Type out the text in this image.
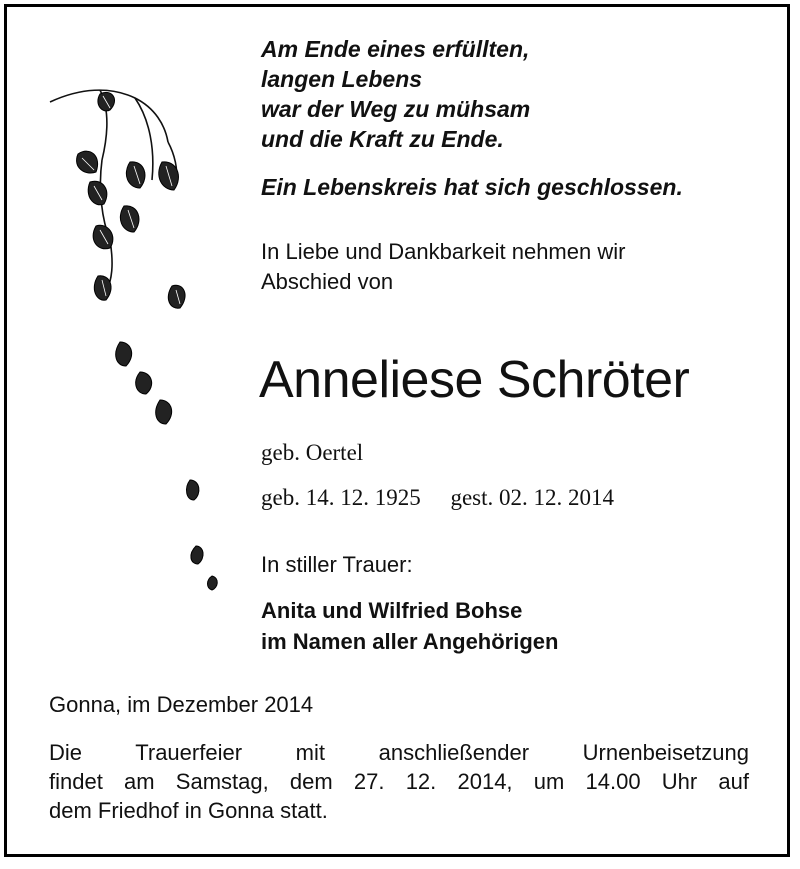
Am Ende eines erfüllten,
langen Lebens
war der Weg zu mühsam
und die Kraft zu Ende.
Ein Lebenskreis hat sich geschlossen.
In Liebe und Dankbarkeit nehmen wir
Abschied von
Anneliese Schröter
geb. Oertel
geb. 14. 12. 1925 gest. 02. 12. 2014
In stiller Trauer:
Anita und Wilfried Bohse
im Namen aller Angehörigen
Gonna, im Dezember 2014
Die Trauerfeier mit anschließender Urnenbeisetzung
findet am Samstag, dem 27. 12. 2014, um 14.00 Uhr auf
dem Friedhof in Gonna statt.
